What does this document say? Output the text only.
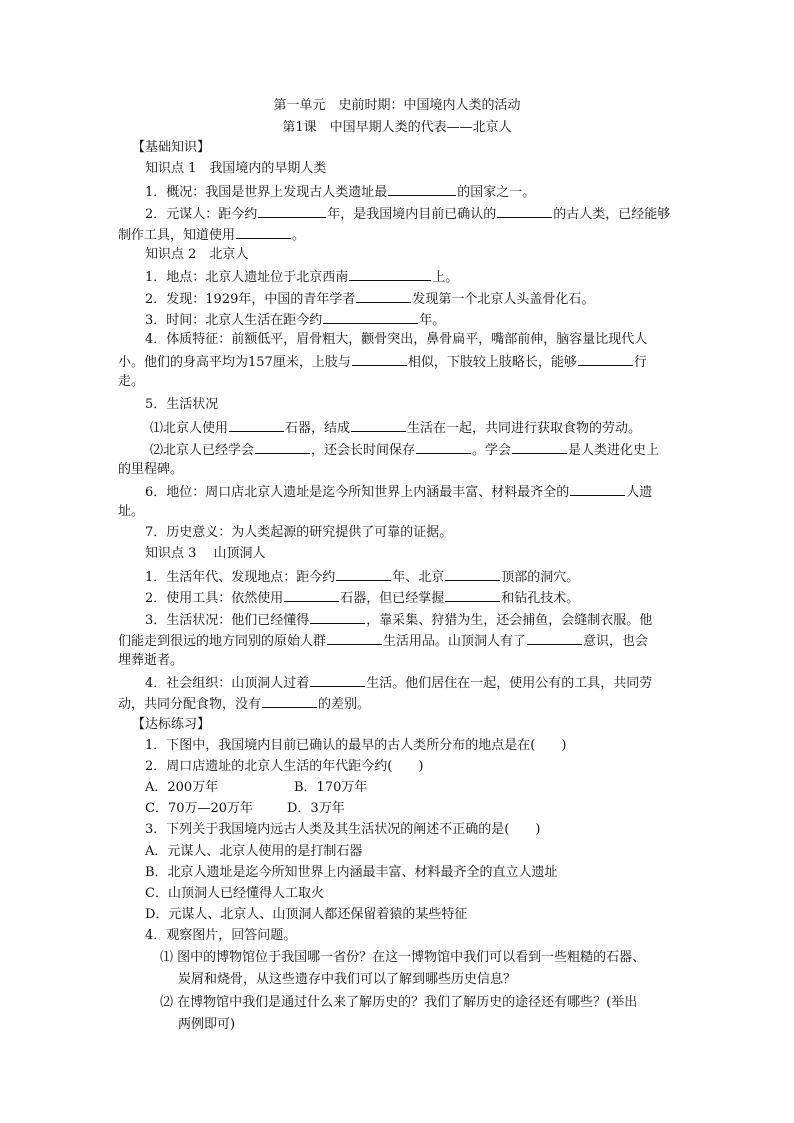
第一单元　史前时期：中国境内人类的活动
第1课　中国早期人类的代表——北京人
【基础知识】
知识点 1　我国境内的早期人类
1．概况：我国是世界上发现古人类遗址最	的国家之一。
2．元谋人：距今约	年，是我国境内目前已确认的	的古人类，已经能够
制作工具，知道使用	。
知识点 2　北京人
1．地点：北京人遗址位于北京西南	上。
2．发现：1929年，中国的青年学者	发现第一个北京人头盖骨化石。
3．时间：北京人生活在距今约	年。
4．体质特征：前额低平，眉骨粗大，颧骨突出，鼻骨扁平，嘴部前伸，脑容量比现代人
小。他们的身高平均为157厘米，上肢与	相似，下肢较上肢略长，能够	行
走。
5．生活状况
⑴北京人使用	石器，结成	生活在一起，共同进行获取食物的劳动。
⑵北京人已经学会	，还会长时间保存	。学会	是人类进化史上
的里程碑。
6．地位：周口店北京人遗址是迄今所知世界上内涵最丰富、材料最齐全的	人遗
址。
7．历史意义：为人类起源的研究提供了可靠的证据。
知识点 3　 山顶洞人
1．生活年代、发现地点：距今约	年、北京	顶部的洞穴。
2．使用工具：依然使用	石器，但已经掌握	和钻孔技术。
3．生活状况：他们已经懂得	，靠采集、狩猎为生，还会捕鱼，会缝制衣服。他
们能走到很远的地方同别的原始人群	生活用品。山顶洞人有了	意识，也会
埋葬逝者。
4．社会组织：山顶洞人过着	生活。他们居住在一起，使用公有的工具，共同劳
动，共同分配食物，没有	的差别。
【达标练习】
1．下图中，我国境内目前已确认的最早的古人类所分布的地点是在(　　)
2．周口店遗址的北京人生活的年代距今约(　　)
A．200万年	B．170万年
C．70万—20万年	D．3万年
3．下列关于我国境内远古人类及其生活状况的阐述不正确的是(　　)
A．元谋人、北京人使用的是打制石器
B．北京人遗址是迄今所知世界上内涵最丰富、材料最齐全的直立人遗址
C．山顶洞人已经懂得人工取火
D．元谋人、北京人、山顶洞人都还保留着猿的某些特征
4．观察图片，回答问题。
⑴ 图中的博物馆位于我国哪一省份？在这一博物馆中我们可以看到一些粗糙的石器、
炭屑和烧骨，从这些遗存中我们可以了解到哪些历史信息？
⑵ 在博物馆中我们是通过什么来了解历史的？我们了解历史的途径还有哪些？(举出
两例即可)
